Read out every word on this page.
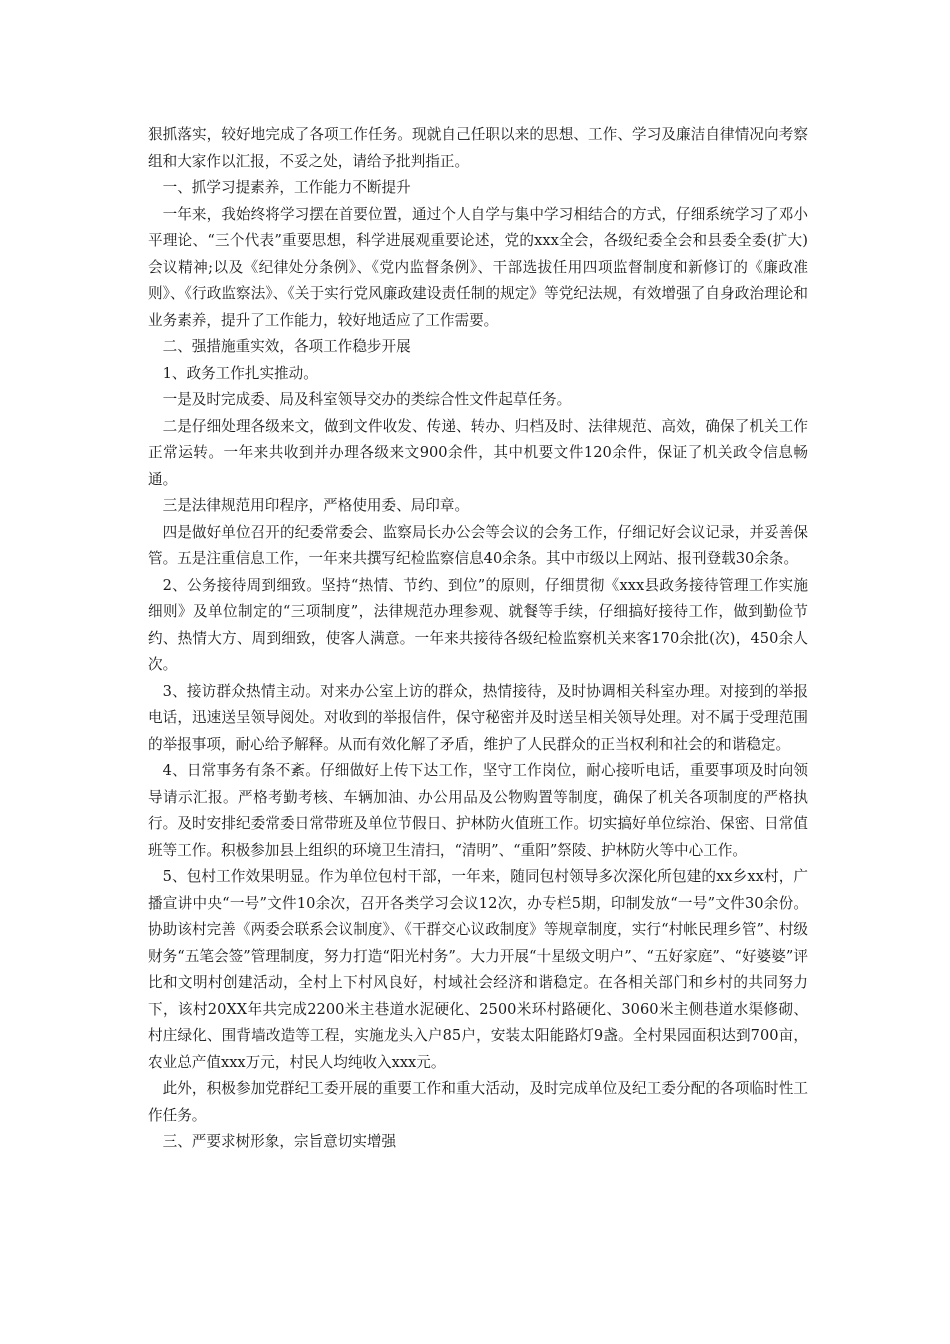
狠抓落实，较好地完成了各项工作任务。现就自己任职以来的思想、工作、学习及廉洁自律情况向考察组和大家作以汇报，不妥之处，请给予批判指正。

一、抓学习提素养，工作能力不断提升

一年来，我始终将学习摆在首要位置，通过个人自学与集中学习相结合的方式，仔细系统学习了邓小平理论、“三个代表”重要思想，科学进展观重要论述，党的xxx全会，各级纪委全会和县委全委(扩大)会议精神;以及《纪律处分条例》、《党内监督条例》、干部选拔任用四项监督制度和新修订的《廉政准则》、《行政监察法》、《关于实行党风廉政建设责任制的规定》等党纪法规，有效增强了自身政治理论和业务素养，提升了工作能力，较好地适应了工作需要。

二、强措施重实效，各项工作稳步开展

1、政务工作扎实推动。

一是及时完成委、局及科室领导交办的类综合性文件起草任务。

二是仔细处理各级来文，做到文件收发、传递、转办、归档及时、法律规范、高效，确保了机关工作正常运转。一年来共收到并办理各级来文900余件，其中机要文件120余件，保证了机关政令信息畅通。

三是法律规范用印程序，严格使用委、局印章。

四是做好单位召开的纪委常委会、监察局长办公会等会议的会务工作，仔细记好会议记录，并妥善保管。五是注重信息工作，一年来共撰写纪检监察信息40余条。其中市级以上网站、报刊登载30余条。

2、公务接待周到细致。坚持“热情、节约、到位”的原则，仔细贯彻《xxx县政务接待管理工作实施细则》及单位制定的“三项制度”，法律规范办理参观、就餐等手续，仔细搞好接待工作，做到勤俭节约、热情大方、周到细致，使客人满意。一年来共接待各级纪检监察机关来客170余批(次)，450余人次。

3、接访群众热情主动。对来办公室上访的群众，热情接待，及时协调相关科室办理。对接到的举报电话，迅速送呈领导阅处。对收到的举报信件，保守秘密并及时送呈相关领导处理。对不属于受理范围的举报事项，耐心给予解释。从而有效化解了矛盾，维护了人民群众的正当权利和社会的和谐稳定。

4、日常事务有条不紊。仔细做好上传下达工作，坚守工作岗位，耐心接听电话，重要事项及时向领导请示汇报。严格考勤考核、车辆加油、办公用品及公物购置等制度，确保了机关各项制度的严格执行。及时安排纪委常委日常带班及单位节假日、护林防火值班工作。切实搞好单位综治、保密、日常值班等工作。积极参加县上组织的环境卫生清扫，“清明”、“重阳”祭陵、护林防火等中心工作。

5、包村工作效果明显。作为单位包村干部，一年来，随同包村领导多次深化所包建的xx乡xx村，广播宣讲中央“一号”文件10余次，召开各类学习会议12次，办专栏5期，印制发放“一号”文件30余份。协助该村完善《两委会联系会议制度》、《干群交心议政制度》等规章制度，实行“村帐民理乡管”、村级财务“五笔会签”管理制度，努力打造“阳光村务”。大力开展“十星级文明户”、“五好家庭”、“好婆婆”评比和文明村创建活动，全村上下村风良好，村域社会经济和谐稳定。在各相关部门和乡村的共同努力下，该村20XX年共完成2200米主巷道水泥硬化、2500米环村路硬化、3060米主侧巷道水渠修砌、村庄绿化、围背墙改造等工程，实施龙头入户85户，安装太阳能路灯9盏。全村果园面积达到700亩，农业总产值xxx万元，村民人均纯收入xxx元。

此外，积极参加党群纪工委开展的重要工作和重大活动，及时完成单位及纪工委分配的各项临时性工作任务。

三、严要求树形象，宗旨意切实增强
